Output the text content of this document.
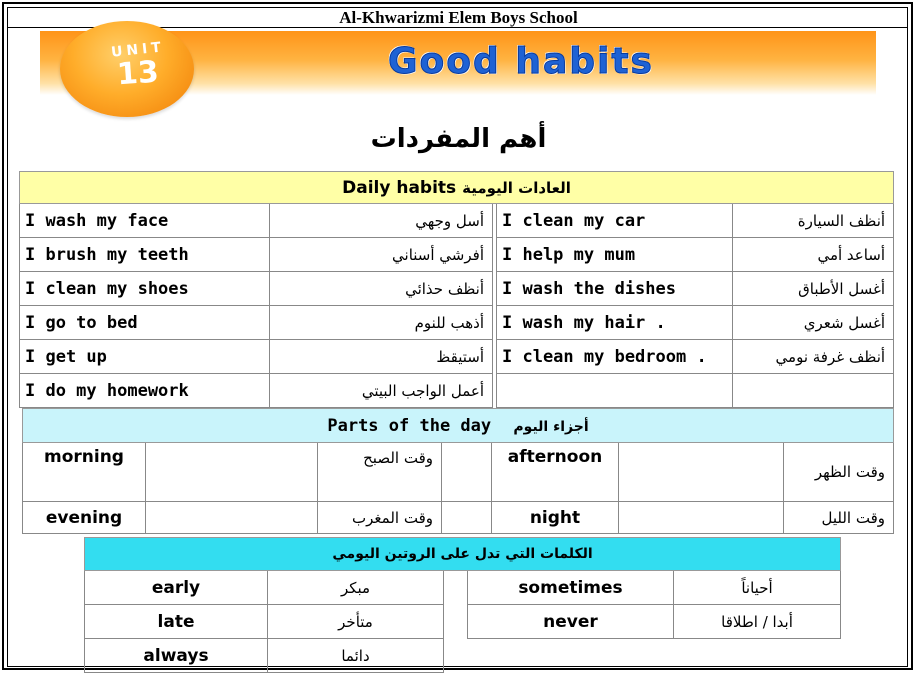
Al-Khwarizmi Elem Boys School
UNIT
13	Good habits
أهم المفردات
Daily habits العادات اليومية				
I wash my face	أسل وجهي		I clean my car	أنظف السيارة
I brush my teeth	أفرشي أسناني		I help my mum	أساعد أمي
I clean my shoes	أنظف حذائي		I wash the dishes	أغسل الأطباق
I go to bed	أذهب للنوم		I wash my hair .	أغسل شعري
I get up	أستيقظ		I clean my bedroom .	أنظف غرفة نومي
I do my homework	أعمل الواجب البيتي			
Parts of the day أجزاء اليوم						
morning		وقت الصبح		afternoon		وقت الظهر
evening		وقت المغرب		night		وقت الليل
الكلمات التي تدل على الروتين اليومي				
early	مبكر		sometimes	أحياناً
late	متأخر		never	أبدا / اطلاقا
always	دائما			
